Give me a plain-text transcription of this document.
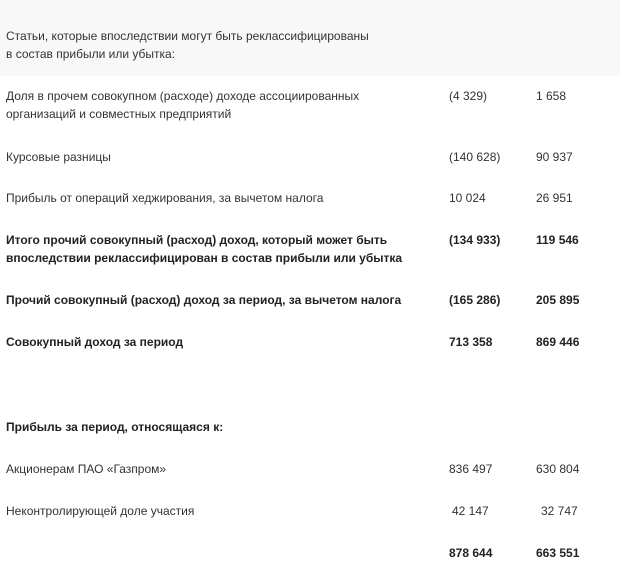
Статьи, которые впоследствии могут быть реклассифицированы
в состав прибыли или убытка:
Доля в прочем совокупном (расходе) доходе ассоциированных
организаций и совместных предприятий
(4 329)	1 658
Курсовые разницы	(140 628)	90 937
Прибыль от операций хеджирования, за вычетом налога	10 024	26 951
Итого прочий совокупный (расход) доход, который может быть
впоследствии реклассифицирован в состав прибыли или убытка
(134 933)	119 546
Прочий совокупный (расход) доход за период, за вычетом налога	(165 286)	205 895
Совокупный доход за период	713 358	869 446
Прибыль за период, относящаяся к:
Акционерам ПАО «Газпром»	836 497	630 804
Неконтролирующей доле участия	42 147	32 747
878 644	663 551
